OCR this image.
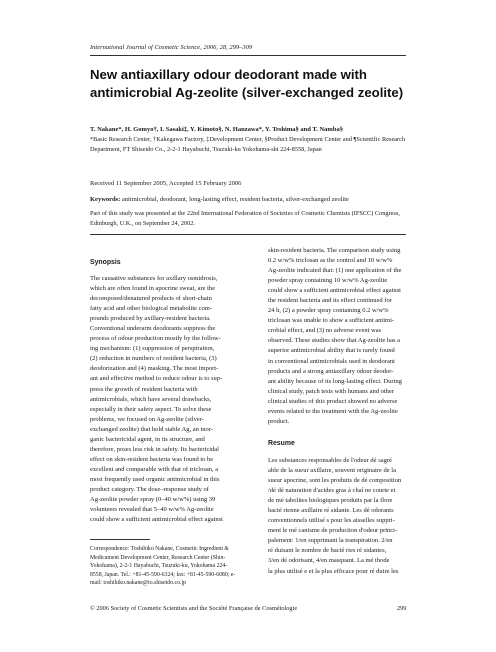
International Journal of Cosmetic Science, 2006, 28, 299–309
New antiaxillary odour deodorant made with antimicrobial Ag-zeolite (silver-exchanged zeolite)
T. Nakane*, H. Gomyo†, I. Sasaki‡, Y. Kimoto§, N. Hanzawa*, Y. Teshima§ and T. Namba§
*Basic Research Center, †Kakegawa Factory, ‡Development Center, §Product Development Center and ¶Scientific Research Department, FT Shiseido Co., 2-2-1 Hayabuchi, Tsuzuki-ku Yokohama-shi 224-8558, Japan
Received 11 September 2005, Accepted 15 February 2006
Keywords: antimicrobial, deodorant, long-lasting effect, resident bacteria, silver-exchanged zeolite
Part of this study was presented at the 22nd International Federation of Societies of Cosmetic Chemists (IFSCC) Congress, Edinburgh, U.K., on September 24, 2002.
Synopsis
The causative substances for axillary osmidrosis,
which are often found in apocrine sweat, are the
decomposed/denatured products of short-chain
fatty acid and other biological metabolite com-
pounds produced by axillary-resident bacteria.
Conventional underarm deodorants suppress the
process of odour production mostly by the follow-
ing mechanism: (1) suppression of perspiration,
(2) reduction in numbers of resident bacteria, (3)
deodorization and (4) masking. The most import-
ant and effective method to reduce odour is to sup-
press the growth of resident bacteria with
antimicrobials, which have several drawbacks,
especially in their safety aspect. To solve these
problems, we focused on Ag-zeolite (silver-
exchanged zeolite) that hold stable Ag, an inor-
ganic bactericidal agent, in its structure, and
therefore, poses less risk in safety. Its bactericidal
effect on skin-resident bacteria was found to be
excellent and comparable with that of triclosan, a
most frequently used organic antimicrobial in this
product category. The dose–response study of
Ag-zeolite powder spray (0–40 w/w%) using 39
volunteers revealed that 5–40 w/w% Ag-zeolite
could show a sufficient antimicrobial effect against
skin-resident bacteria. The comparison study using
0.2 w/w% triclosan as the control and 10 w/w%
Ag-zeolite indicated that: (1) one application of the
powder spray containing 10 w/w% Ag-zeolite
could show a sufficient antimicrobial effect against
the resident bacteria and its effect continued for
24 h, (2) a powder spray containing 0.2 w/w%
triclosan was unable to show a sufficient antimi-
crobial effect, and (3) no adverse event was
observed. These studies show that Ag-zeolite has a
superior antimicrobial ability that is rarely found
in conventional antimicrobials used in deodorant
products and a strong antiaxillary odour deodor-
ant ability because of its long-lasting effect. During
clinical study, patch tests with humans and other
clinical studies of this product showed no adverse
events related to the treatment with the Ag-zeolite
product.
Resume
Les substances responsables de l'odeur dé sagré
able de la sueur axillaire, souvent originaire de la
sueur apocrine, sont les produits de dé composition
/dé dé naturation d'acides gras à chaî ne courte et
de mé tabolites biologiques produits par la flore
bacté rienne axillaire ré sidante. Les dé odorants
conventionnels utilisé s pour les aisselles suppri-
ment le mé canisme de production d'odeur princi-
palement: 1/en supprimant la transpiration. 2/en
ré duisant le nombre de bacté ries ré sidantes,
3/en dé odorisant, 4/en masquant. La mé thode
la plus utilisé e et la plus efficace pour ré duire les
Correspondence: Toshihiko Nakane, Cosmetic Ingredient & Medicament Development Center, Research Center (Shin-Yokohama), 2-2-1 Hayabuchi, Tsuzuki-ku, Yokohama 224-8558, Japan. Tel.: +81-45-590-6324; fax: +81-45-590-6080; e-mail: toshihiko.nakane@to.shiseido.co.jp
© 2006 Society of Cosmetic Scientists and the Société Française de Cosmétologie	299
